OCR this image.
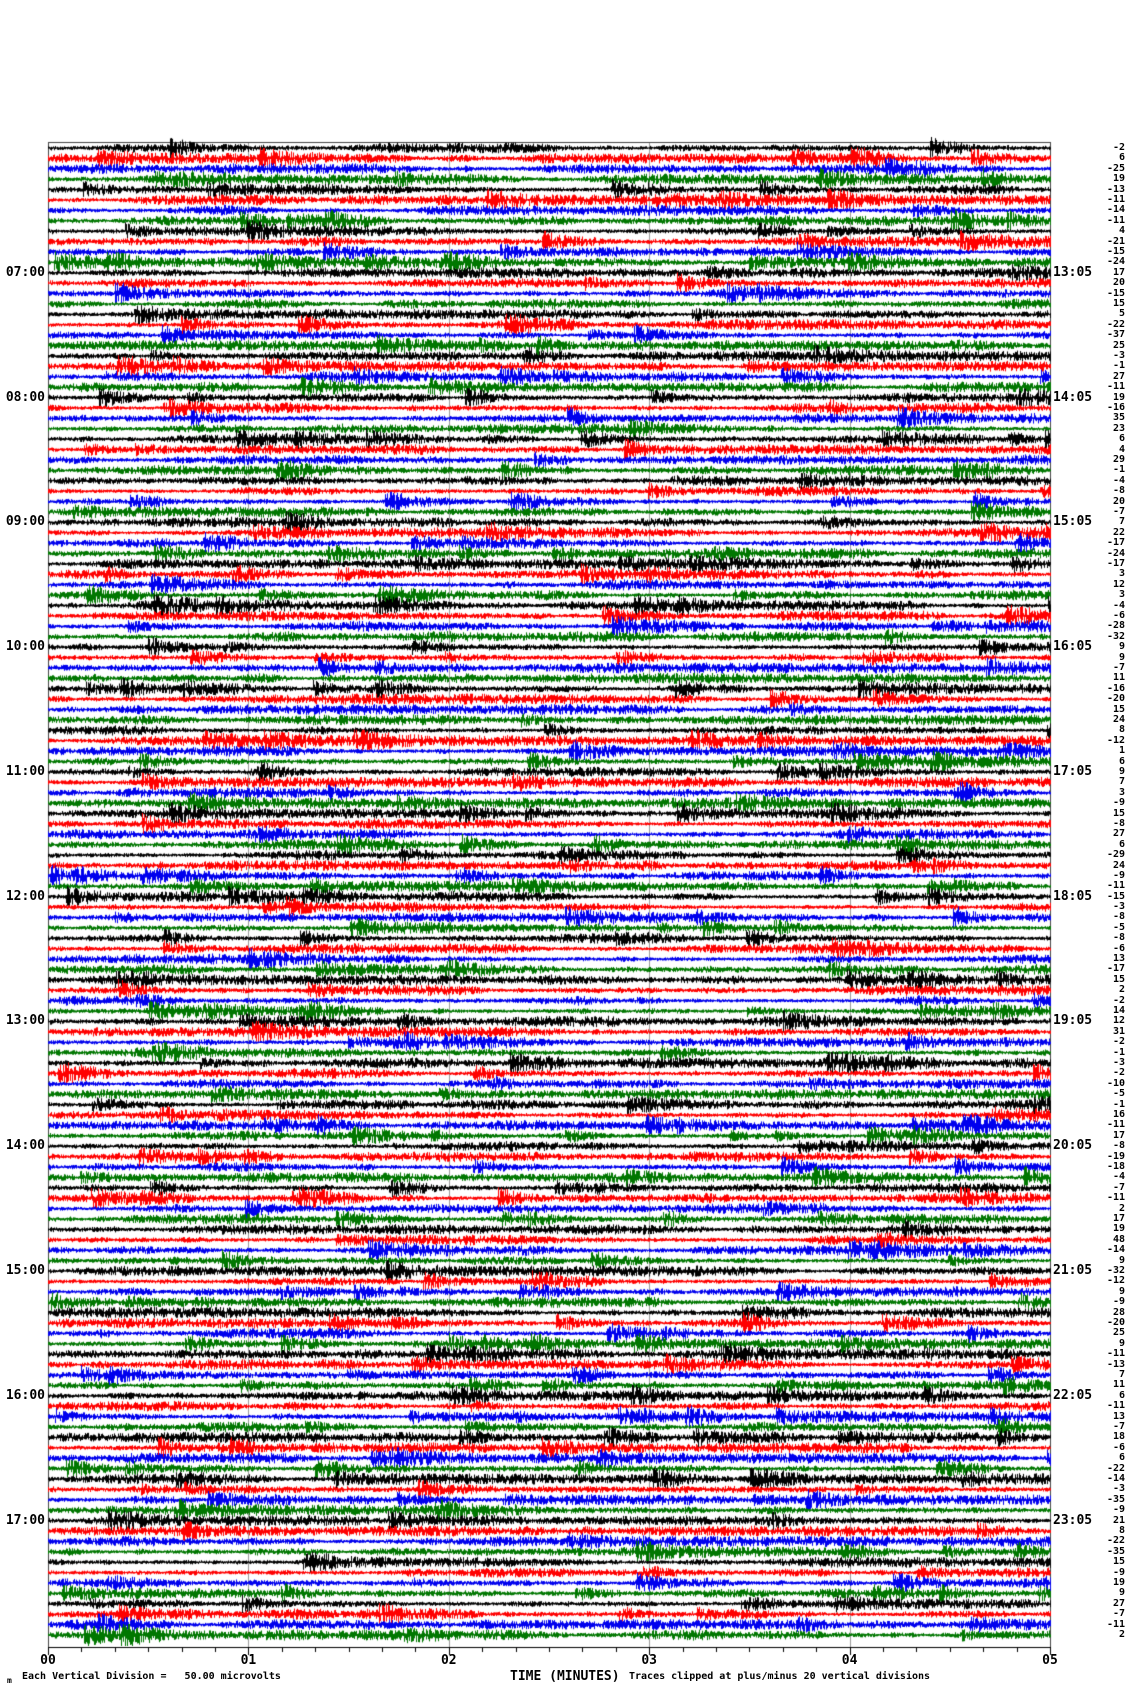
07:00
08:00
09:00
10:00
11:00
12:00
13:00
14:00
15:00
16:00
17:00
13:05
14:05
15:05
16:05
17:05
18:05
19:05
20:05
21:05
22:05
23:05
-2
6
-25
19
-13
-11
-14
-11
4
-21
-15
-24
17
20
-15
15
5
-22
-37
25
-3
-1
27
-11
19
-16
35
23
6
4
29
-1
-4
-8
20
-7
7
22
-17
-24
-17
3
12
3
-4
-6
-28
-32
9
9
-7
11
-16
-20
15
24
8
-12
1
6
9
7
3
-9
15
-8
27
6
-29
24
-9
-11
-15
-3
-8
-5
-8
-6
13
-17
15
2
-2
14
12
31
-2
-1
-3
-2
-10
-5
-1
16
-11
17
-8
-19
-18
-4
-7
-11
2
17
19
48
-14
9
-32
-12
9
-9
28
-20
25
9
-11
-13
7
11
6
-11
13
-7
18
-6
6
-22
-14
-3
-35
-9
21
8
-22
-35
15
-9
19
9
27
-7
-11
2
00	01	02	03	04	05
m Each Vertical Division =   50.00 microvolts	TIME (MINUTES) Traces clipped at plus/minus 20 vertical divisions
